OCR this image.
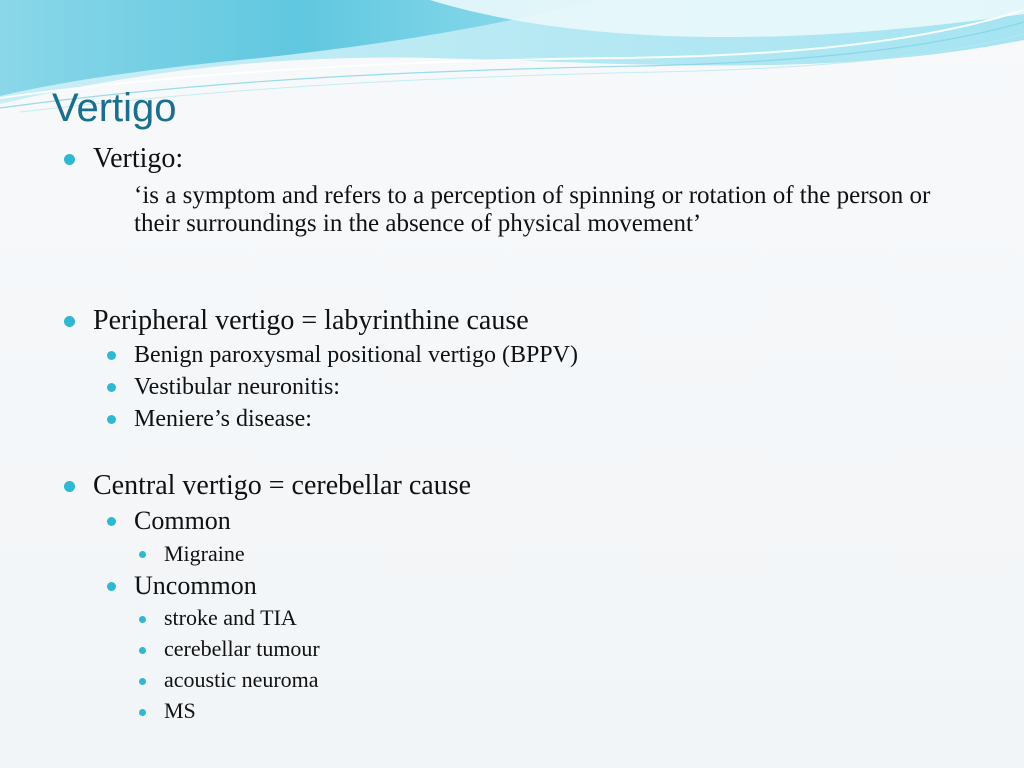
Vertigo
Vertigo:
‘is a symptom and refers to a perception of spinning or rotation of the person or their surroundings in the absence of physical movement’
Peripheral vertigo = labyrinthine cause
Benign paroxysmal positional vertigo (BPPV)
Vestibular neuronitis:
Meniere’s disease:
Central vertigo = cerebellar cause
Common
Migraine
Uncommon
stroke and TIA
cerebellar tumour
acoustic neuroma
MS
